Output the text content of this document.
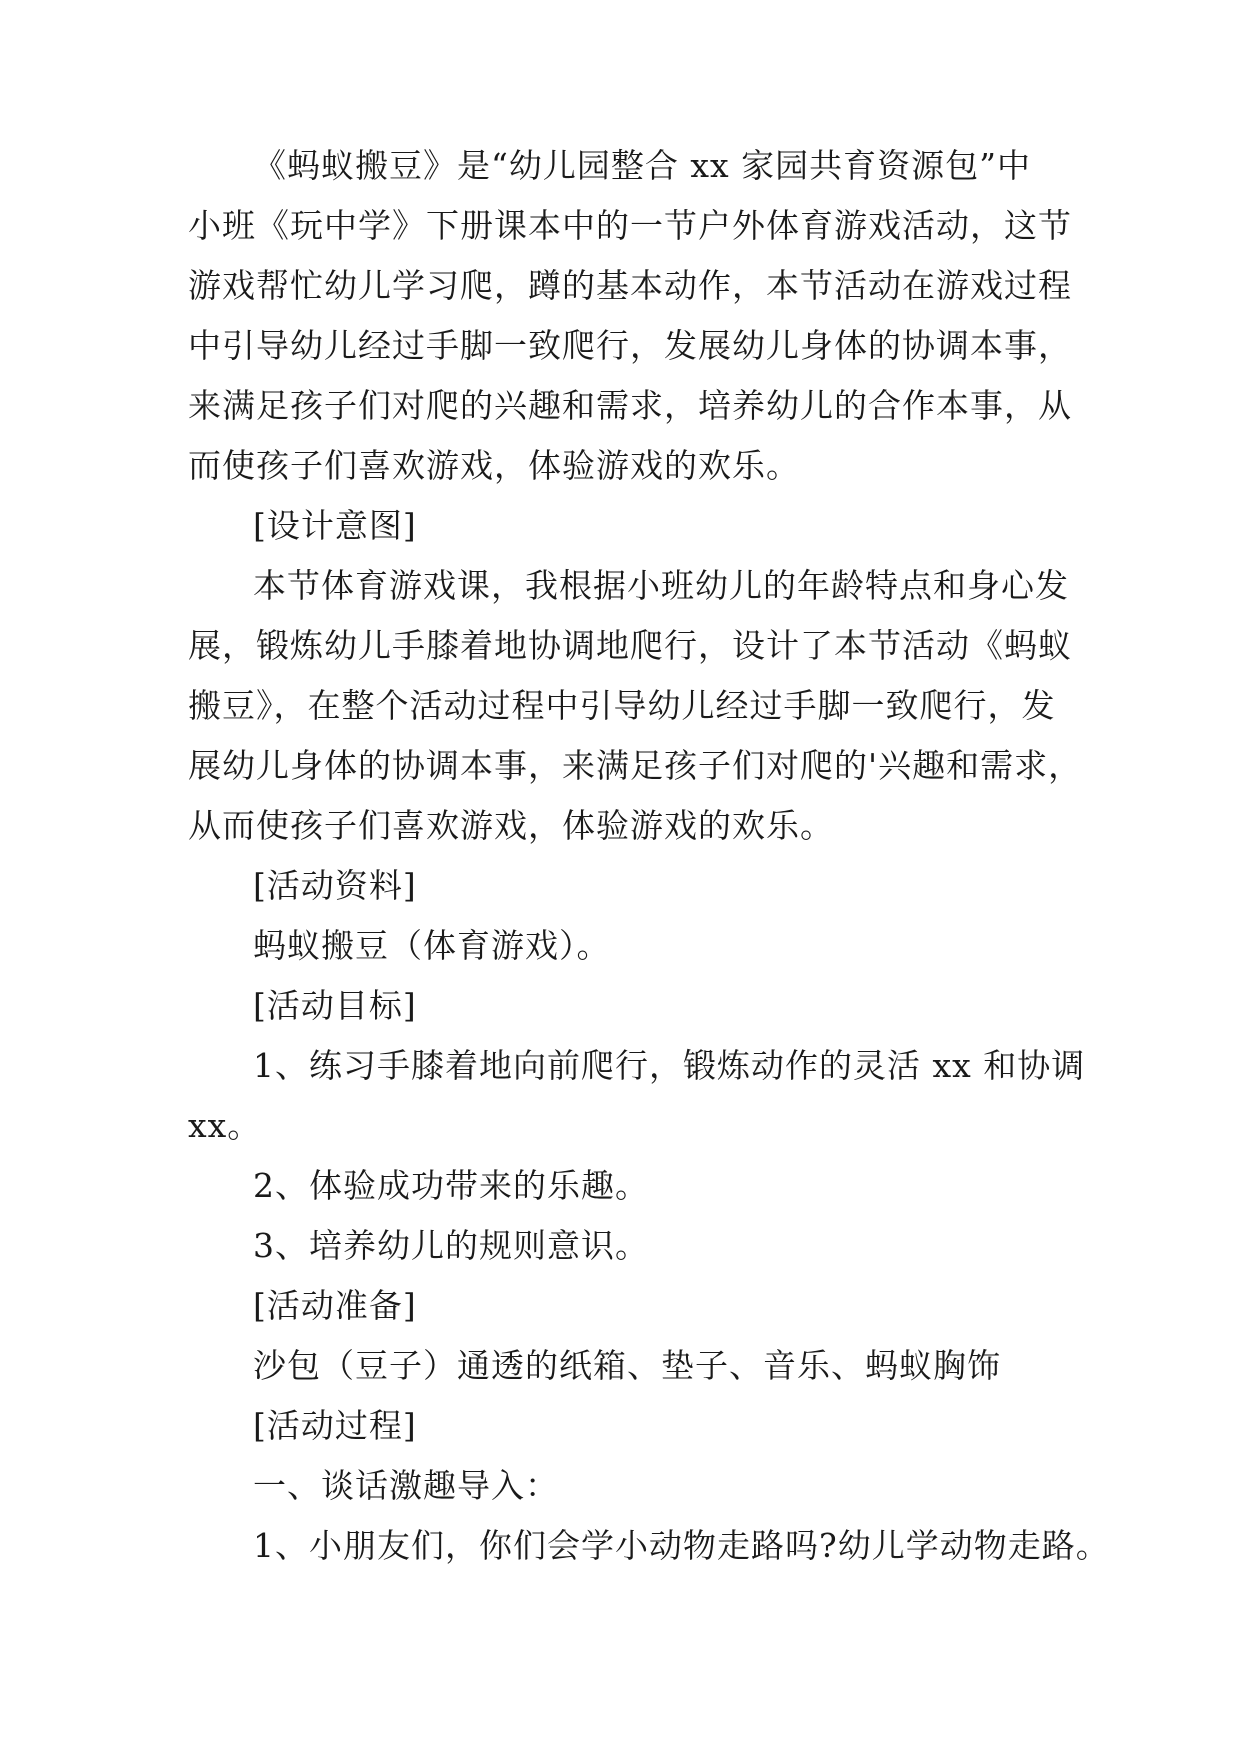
《蚂蚁搬豆》是“幼儿园整合 xx 家园共育资源包”中
小班《玩中学》下册课本中的一节户外体育游戏活动，这节
游戏帮忙幼儿学习爬，蹲的基本动作，本节活动在游戏过程
中引导幼儿经过手脚一致爬行，发展幼儿身体的协调本事，
来满足孩子们对爬的兴趣和需求，培养幼儿的合作本事，从
而使孩子们喜欢游戏，体验游戏的欢乐。
[设计意图]
本节体育游戏课，我根据小班幼儿的年龄特点和身心发
展，锻炼幼儿手膝着地协调地爬行，设计了本节活动《蚂蚁
搬豆》，在整个活动过程中引导幼儿经过手脚一致爬行，发
展幼儿身体的协调本事，来满足孩子们对爬的'兴趣和需求，
从而使孩子们喜欢游戏，体验游戏的欢乐。
[活动资料]
蚂蚁搬豆（体育游戏）。
[活动目标]
1、练习手膝着地向前爬行，锻炼动作的灵活 xx 和协调
xx。
2、体验成功带来的乐趣。
3、培养幼儿的规则意识。
[活动准备]
沙包（豆子）通透的纸箱、垫子、音乐、蚂蚁胸饰
[活动过程]
一、谈话激趣导入：
1、小朋友们，你们会学小动物走路吗?幼儿学动物走路。
